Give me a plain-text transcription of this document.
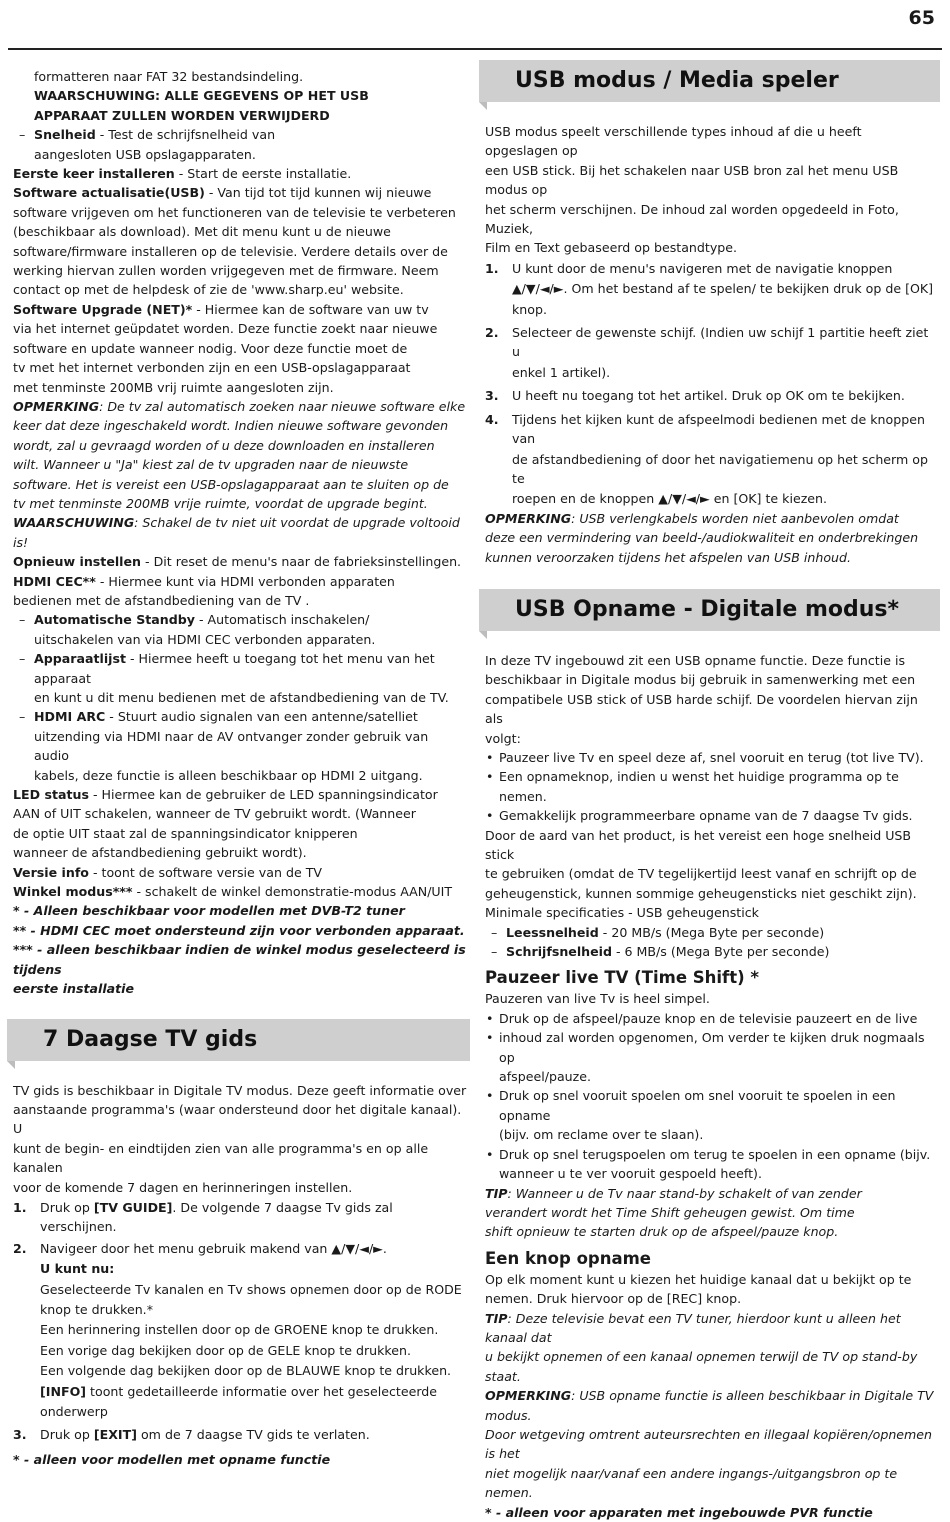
65

formatteren naar FAT 32 bestandsindeling.

WAARSCHUWING: ALLE GEGEVENS OP HET USB

APPARAAT ZULLEN WORDEN VERWIJDERD

– Snelheid - Test de schrijfsnelheid van

aangesloten USB opslagapparaten.

Eerste keer installeren - Start de eerste installatie.

Software actualisatie(USB) - Van tijd tot tijd kunnen wij nieuwe

software vrijgeven om het functioneren van de televisie te verbeteren

(beschikbaar als download). Met dit menu kunt u de nieuwe

software/firmware installeren op de televisie. Verdere details over de

werking hiervan zullen worden vrijgegeven met de firmware. Neem

contact op met de helpdesk of zie de 'www.sharp.eu' website.

Software Upgrade (NET)* - Hiermee kan de software van uw tv

via het internet geüpdatet worden. Deze functie zoekt naar nieuwe

software en update wanneer nodig. Voor deze functie moet de

tv met het internet verbonden zijn en een USB-opslagapparaat

met tenminste 200MB vrij ruimte aangesloten zijn.

OPMERKING: De tv zal automatisch zoeken naar nieuwe software elke

keer dat deze ingeschakeld wordt. Indien nieuwe software gevonden

wordt, zal u gevraagd worden of u deze downloaden en installeren

wilt. Wanneer u "Ja" kiest zal de tv upgraden naar de nieuwste

software. Het is vereist een USB-opslagapparaat aan te sluiten op de

tv met tenminste 200MB vrije ruimte, voordat de upgrade begint.

WAARSCHUWING: Schakel de tv niet uit voordat de upgrade voltooid is!

Opnieuw instellen - Dit reset de menu's naar de fabrieksinstellingen.

HDMI CEC** - Hiermee kunt via HDMI verbonden apparaten

bedienen met de afstandbediening van de TV .

– Automatische Standby - Automatisch inschakelen/

uitschakelen van via HDMI CEC verbonden apparaten.

– Apparaatlijst - Hiermee heeft u toegang tot het menu van het apparaat

en kunt u dit menu bedienen met de afstandbediening van de TV.

– HDMI ARC - Stuurt audio signalen van een antenne/satelliet

uitzending via HDMI naar de AV ontvanger zonder gebruik van audio

kabels, deze functie is alleen beschikbaar op HDMI 2 uitgang.

LED status - Hiermee kan de gebruiker de LED spanningsindicator

AAN of UIT schakelen, wanneer de TV gebruikt wordt. (Wanneer

de optie UIT staat zal de spanningsindicator knipperen

wanneer de afstandbediening gebruikt wordt).

Versie info - toont de software versie van de TV

Winkel modus*** - schakelt de winkel demonstratie-modus AAN/UIT

* - Alleen beschikbaar voor modellen met DVB-T2 tuner

** - HDMI CEC moet ondersteund zijn voor verbonden apparaat.

*** - alleen beschikbaar indien de winkel modus geselecteerd is tijdens

eerste installatie

7 Daagse TV gids

TV gids is beschikbaar in Digitale TV modus. Deze geeft informatie over

aanstaande programma's (waar ondersteund door het digitale kanaal). U

kunt de begin- en eindtijden zien van alle programma's en op alle kanalen

voor de komende 7 dagen en herinneringen instellen.

1. Druk op [TV GUIDE]. De volgende 7 daagse Tv gids zal verschijnen.

2. Navigeer door het menu gebruik makend van ▲/▼/◄/►.

U kunt nu:

Geselecteerde Tv kanalen en Tv shows opnemen door op de RODE

knop te drukken.*

Een herinnering instellen door op de GROENE knop te drukken.

Een vorige dag bekijken door op de GELE knop te drukken.

Een volgende dag bekijken door op de BLAUWE knop te drukken.

[INFO] toont gedetailleerde informatie over het geselecteerde

onderwerp

3. Druk op [EXIT] om de 7 daagse TV gids te verlaten.

* - alleen voor modellen met opname functie

USB modus / Media speler

USB modus speelt verschillende types inhoud af die u heeft opgeslagen op

een USB stick. Bij het schakelen naar USB bron zal het menu USB modus op

het scherm verschijnen. De inhoud zal worden opgedeeld in Foto, Muziek,

Film en Text gebaseerd op bestandtype.

1. U kunt door de menu's navigeren met de navigatie knoppen

▲/▼/◄/►. Om het bestand af te spelen/ te bekijken druk op de [OK]

knop.

2. Selecteer de gewenste schijf. (Indien uw schijf 1 partitie heeft ziet u

enkel 1 artikel).

3. U heeft nu toegang tot het artikel. Druk op OK om te bekijken.

4. Tijdens het kijken kunt de afspeelmodi bedienen met de knoppen van

de afstandbediening of door het navigatiemenu op het scherm op te

roepen en de knoppen ▲/▼/◄/► en [OK] te kiezen.

OPMERKING: USB verlengkabels worden niet aanbevolen omdat

deze een vermindering van beeld-/audiokwaliteit en onderbrekingen

kunnen veroorzaken tijdens het afspelen van USB inhoud.

USB Opname - Digitale modus*

In deze TV ingebouwd zit een USB opname functie. Deze functie is

beschikbaar in Digitale modus bij gebruik in samenwerking met een

compatibele USB stick of USB harde schijf. De voordelen hiervan zijn als

volgt:

• Pauzeer live Tv en speel deze af, snel vooruit en terug (tot live TV).

• Een opnameknop, indien u wenst het huidige programma op te nemen.

• Gemakkelijk programmeerbare opname van de 7 daagse Tv gids.

Door de aard van het product, is het vereist een hoge snelheid USB stick

te gebruiken (omdat de TV tegelijkertijd leest vanaf en schrijft op de

geheugenstick, kunnen sommige geheugensticks niet geschikt zijn).

Minimale specificaties - USB geheugenstick

– Leessnelheid - 20 MB/s (Mega Byte per seconde)

– Schrijfsnelheid - 6 MB/s (Mega Byte per seconde)

Pauzeer live TV (Time Shift) *

Pauzeren van live Tv is heel simpel.

• Druk op de afspeel/pauze knop en de televisie pauzeert en de live

• inhoud zal worden opgenomen, Om verder te kijken druk nogmaals op

afspeel/pauze.

• Druk op snel vooruit spoelen om snel vooruit te spoelen in een opname

(bijv. om reclame over te slaan).

• Druk op snel terugspoelen om terug te spoelen in een opname (bijv.

wanneer u te ver vooruit gespoeld heeft).

TIP: Wanneer u de Tv naar stand-by schakelt of van zender

verandert wordt het Time Shift geheugen gewist. Om time

shift opnieuw te starten druk op de afspeel/pauze knop.

Een knop opname

Op elk moment kunt u kiezen het huidige kanaal dat u bekijkt op te

nemen. Druk hiervoor op de [REC] knop.

TIP: Deze televisie bevat een TV tuner, hierdoor kunt u alleen het kanaal dat

u bekijkt opnemen of een kanaal opnemen terwijl de TV op stand-by staat.

OPMERKING: USB opname functie is alleen beschikbaar in Digitale TV modus.

Door wetgeving omtrent auteursrechten en illegaal kopiëren/opnemen is het

niet mogelijk naar/vanaf een andere ingangs-/uitgangsbron op te nemen.

* - alleen voor apparaten met ingebouwde PVR functie
